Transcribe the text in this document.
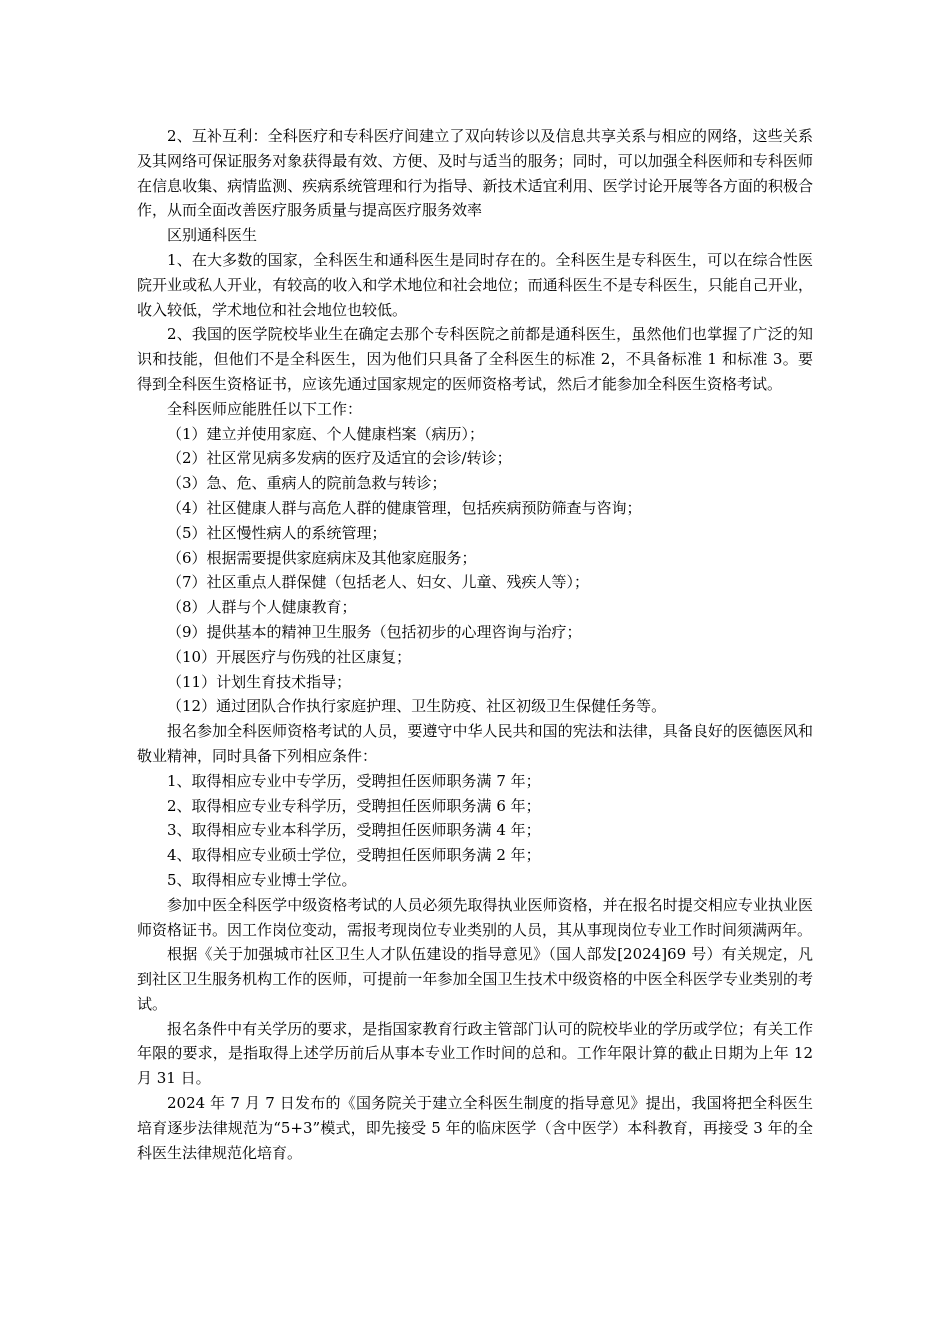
2、互补互利：全科医疗和专科医疗间建立了双向转诊以及信息共享关系与相应的网络，这些关系及其网络可保证服务对象获得最有效、方便、及时与适当的服务；同时，可以加强全科医师和专科医师在信息收集、病情监测、疾病系统管理和行为指导、新技术适宜利用、医学讨论开展等各方面的积极合作，从而全面改善医疗服务质量与提高医疗服务效率

区别通科医生

1、在大多数的国家，全科医生和通科医生是同时存在的。全科医生是专科医生，可以在综合性医院开业或私人开业，有较高的收入和学术地位和社会地位；而通科医生不是专科医生，只能自己开业，收入较低，学术地位和社会地位也较低。

2、我国的医学院校毕业生在确定去那个专科医院之前都是通科医生，虽然他们也掌握了广泛的知识和技能，但他们不是全科医生，因为他们只具备了全科医生的标准 2，不具备标准 1 和标准 3。要得到全科医生资格证书，应该先通过国家规定的医师资格考试，然后才能参加全科医生资格考试。

全科医师应能胜任以下工作：

（1）建立并使用家庭、个人健康档案（病历）；

（2）社区常见病多发病的医疗及适宜的会诊/转诊；

（3）急、危、重病人的院前急救与转诊；

（4）社区健康人群与高危人群的健康管理，包括疾病预防筛查与咨询；

（5）社区慢性病人的系统管理；

（6）根据需要提供家庭病床及其他家庭服务；

（7）社区重点人群保健（包括老人、妇女、儿童、残疾人等）；

（8）人群与个人健康教育；

（9）提供基本的精神卫生服务（包括初步的心理咨询与治疗；

（10）开展医疗与伤残的社区康复；

（11）计划生育技术指导；

（12）通过团队合作执行家庭护理、卫生防疫、社区初级卫生保健任务等。

报名参加全科医师资格考试的人员，要遵守中华人民共和国的宪法和法律，具备良好的医德医风和敬业精神，同时具备下列相应条件：

1、取得相应专业中专学历，受聘担任医师职务满 7 年；

2、取得相应专业专科学历，受聘担任医师职务满 6 年；

3、取得相应专业本科学历，受聘担任医师职务满 4 年；

4、取得相应专业硕士学位，受聘担任医师职务满 2 年；

5、取得相应专业博士学位。

参加中医全科医学中级资格考试的人员必须先取得执业医师资格，并在报名时提交相应专业执业医师资格证书。因工作岗位变动，需报考现岗位专业类别的人员，其从事现岗位专业工作时间须满两年。

根据《关于加强城市社区卫生人才队伍建设的指导意见》（国人部发[2024]69 号）有关规定，凡到社区卫生服务机构工作的医师，可提前一年参加全国卫生技术中级资格的中医全科医学专业类别的考试。

报名条件中有关学历的要求，是指国家教育行政主管部门认可的院校毕业的学历或学位；有关工作年限的要求，是指取得上述学历前后从事本专业工作时间的总和。工作年限计算的截止日期为上年 12 月 31 日。

2024 年 7 月 7 日发布的《国务院关于建立全科医生制度的指导意见》提出，我国将把全科医生培育逐步法律规范为“5+3”模式，即先接受 5 年的临床医学（含中医学）本科教育，再接受 3 年的全科医生法律规范化培育。
